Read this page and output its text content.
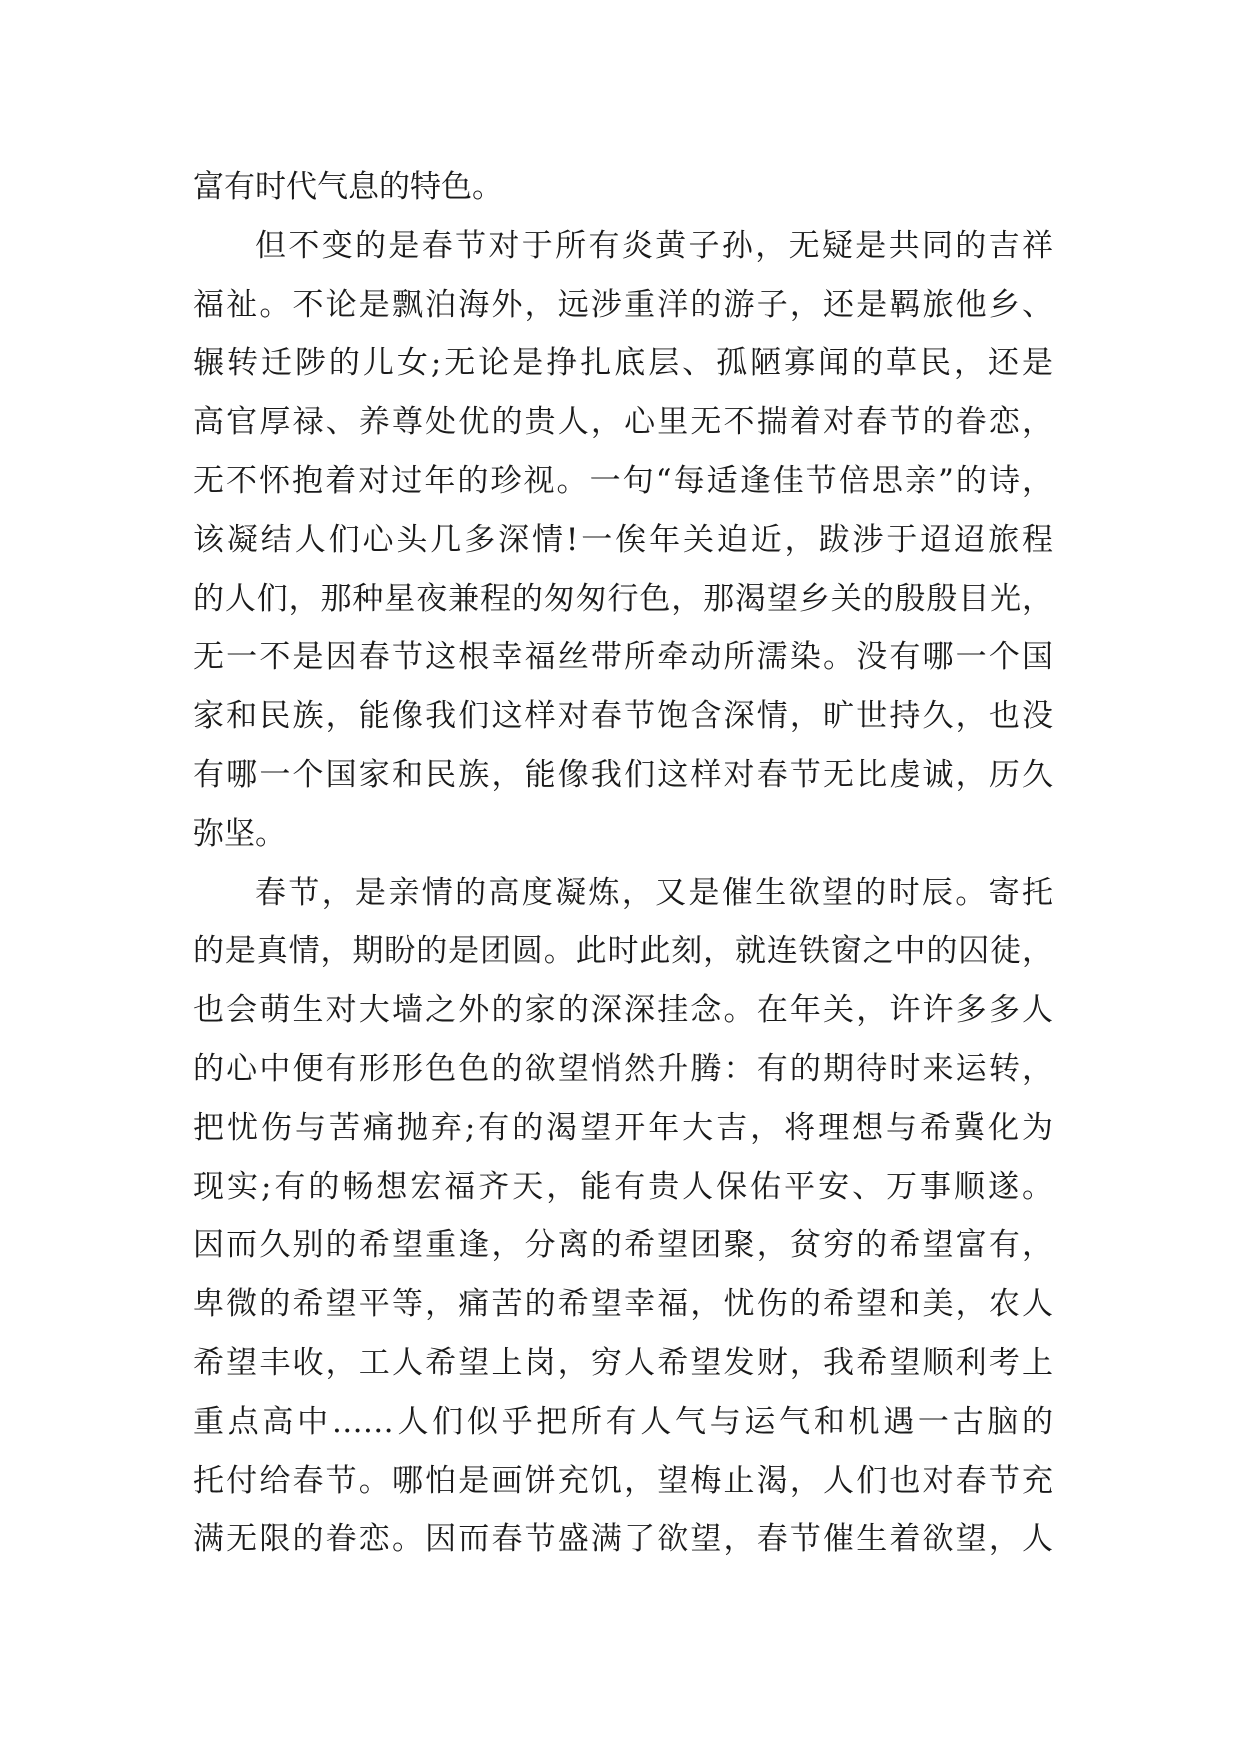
富有时代气息的特色。
但不变的是春节对于所有炎黄子孙，无疑是共同的吉祥
福祉。不论是飘泊海外，远涉重洋的游子，还是羁旅他乡、
辗转迁陟的儿女;无论是挣扎底层、孤陋寡闻的草民，还是
高官厚禄、养尊处优的贵人，心里无不揣着对春节的眷恋，
无不怀抱着对过年的珍视。一句“每适逢佳节倍思亲”的诗，
该凝结人们心头几多深情!一俟年关迫近，跋涉于迢迢旅程
的人们，那种星夜兼程的匆匆行色，那渴望乡关的殷殷目光，
无一不是因春节这根幸福丝带所牵动所濡染。没有哪一个国
家和民族，能像我们这样对春节饱含深情，旷世持久，也没
有哪一个国家和民族，能像我们这样对春节无比虔诚，历久
弥坚。
春节，是亲情的高度凝炼，又是催生欲望的时辰。寄托
的是真情，期盼的是团圆。此时此刻，就连铁窗之中的囚徒，
也会萌生对大墙之外的家的深深挂念。在年关，许许多多人
的心中便有形形色色的欲望悄然升腾：有的期待时来运转，
把忧伤与苦痛抛弃;有的渴望开年大吉，将理想与希冀化为
现实;有的畅想宏福齐天，能有贵人保佑平安、万事顺遂。
因而久别的希望重逢，分离的希望团聚，贫穷的希望富有，
卑微的希望平等，痛苦的希望幸福，忧伤的希望和美，农人
希望丰收，工人希望上岗，穷人希望发财，我希望顺利考上
重点高中……人们似乎把所有人气与运气和机遇一古脑的
托付给春节。哪怕是画饼充饥，望梅止渴，人们也对春节充
满无限的眷恋。因而春节盛满了欲望，春节催生着欲望，人
